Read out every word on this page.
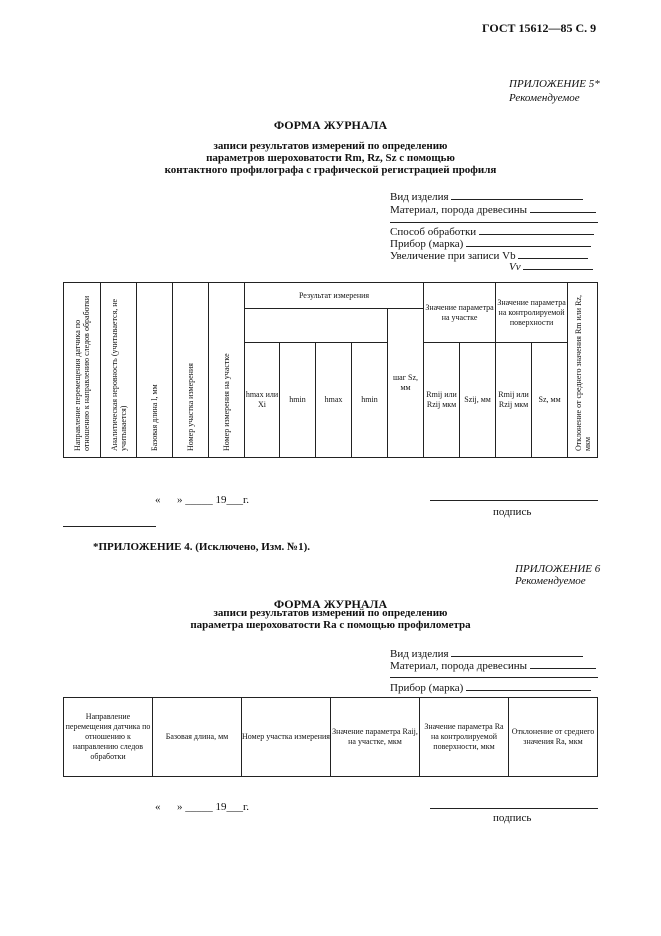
ГОСТ 15612—85 С. 9
ПРИЛОЖЕНИЕ 5*
Рекомендуемое
ФОРМА ЖУРНАЛА
записи результатов измерений по определению
параметров шероховатости Rm, Rz, Sz с помощью
контактного профилографа с графической регистрацией профиля
Вид изделия
Материал, порода древесины
Способ обработки
Прибор (марка)
Увеличение при записи Vb
Vv
Направление перемещения датчика по отношению к направлению следов обработки	Аналитическая неровность (учитывается, не учитывается)	Базовая длина l, мм	Номер участка измерения	Номер измерения на участке	Результат измерения					Значение параметра на участке		Значение параметра на контролируемой поверхности		Отклонение от среднего значения Rm или Rz, мкм
									шаг Sz, мм					
					hmax или Xi	hmin	hmax	hmin		Rmij или Rzij мкм	Szij, мм	Rmij или Rzij мкм	Sz, мм	
«      » _____ 19___г.
подпись
*ПРИЛОЖЕНИЕ 4. (Исключено, Изм. №1).
ПРИЛОЖЕНИЕ 6
Рекомендуемое
ФОРМА ЖУРНАЛА
записи результатов измерений по определению
параметра шероховатости Ra с помощью профилометра
Вид изделия
Материал, порода древесины
Прибор (марка)
Направление перемещения датчика по отношению к направлению следов обработки	Базовая длина, мм	Номер участка измерения	Значение параметра Raij, на участке, мкм	Значение параметра Ra на контролируемой поверхности, мкм	Отклонение от среднего значения Ra, мкм
«      » _____ 19___г.
подпись
